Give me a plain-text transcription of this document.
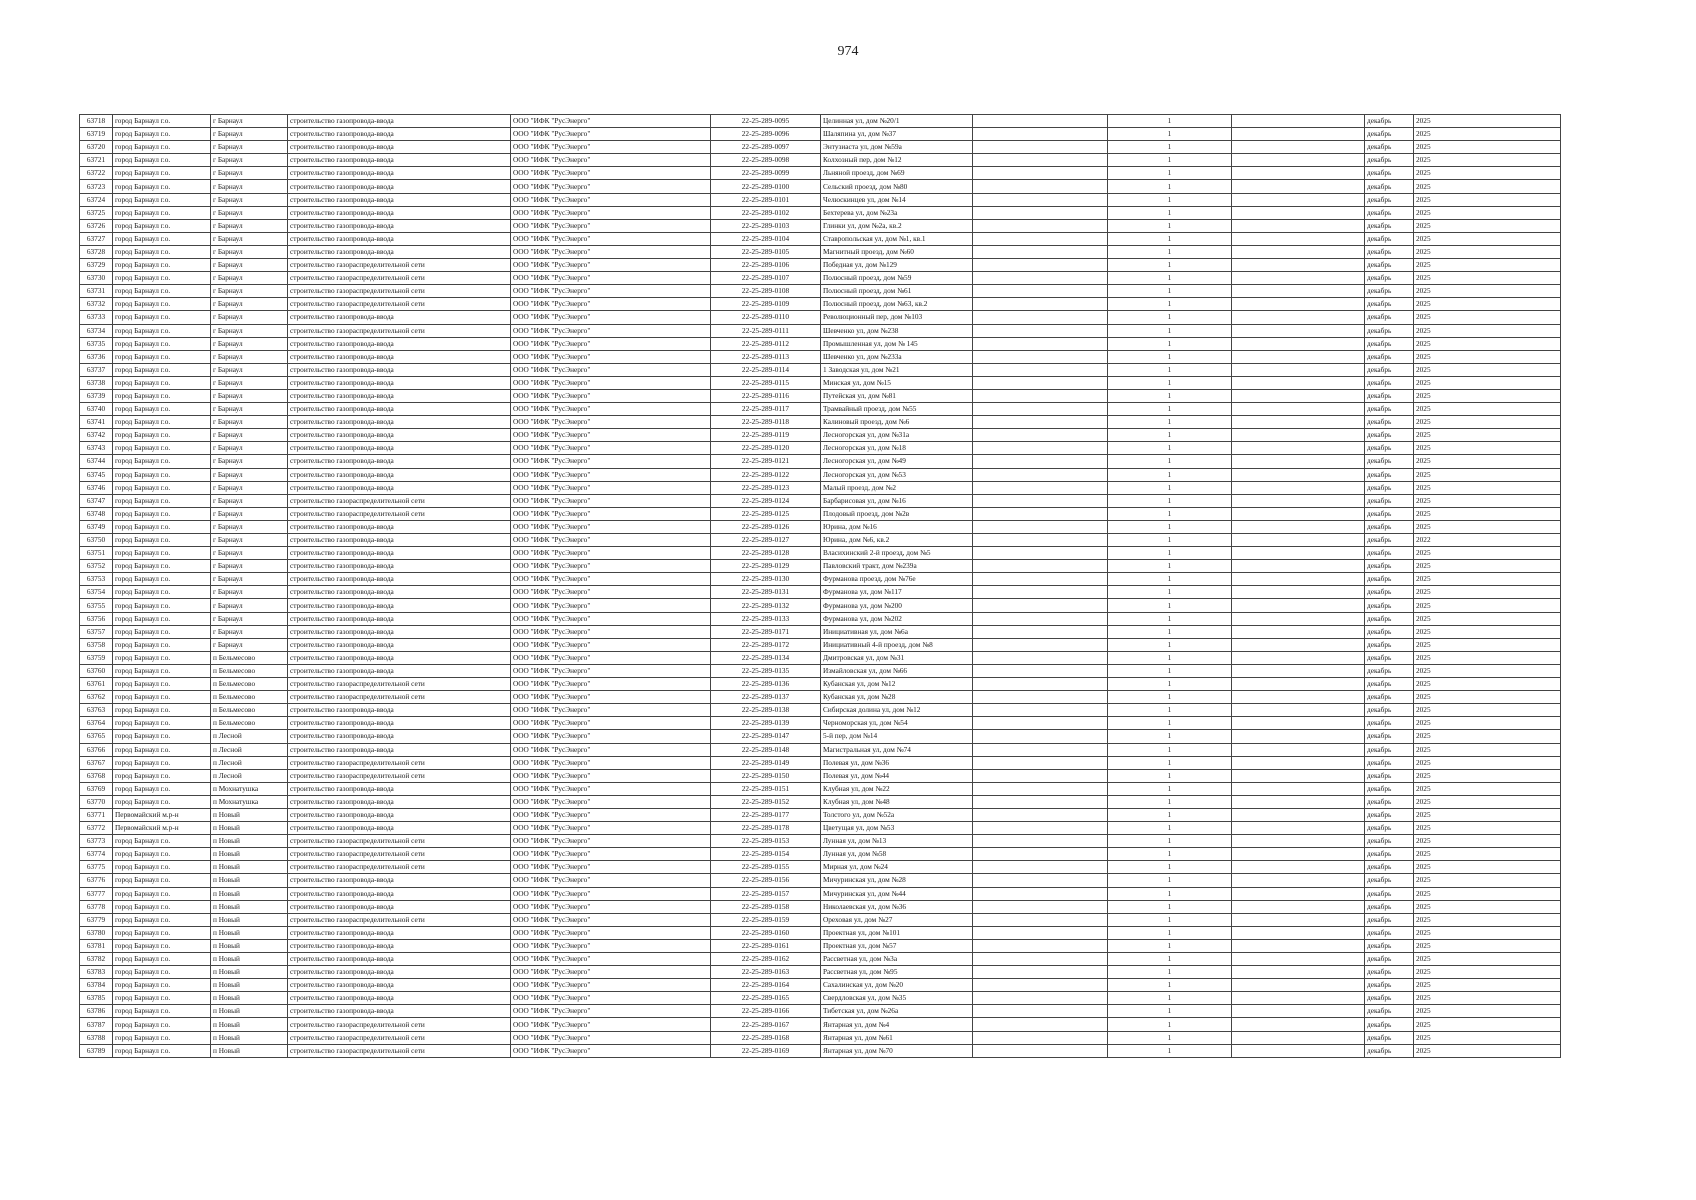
974
63718	город Барнаул г.о.	г Барнаул	строительство газопровода-ввода	ООО "ИФК "РусЭнерго"	22-25-289-0095	Целинная ул, дом №20/1		1		декабрь	2025
63719	город Барнаул г.о.	г Барнаул	строительство газопровода-ввода	ООО "ИФК "РусЭнерго"	22-25-289-0096	Шаляпина ул, дом №37		1		декабрь	2025
63720	город Барнаул г.о.	г Барнаул	строительство газопровода-ввода	ООО "ИФК "РусЭнерго"	22-25-289-0097	Энтузиаста ул, дом №59а		1		декабрь	2025
63721	город Барнаул г.о.	г Барнаул	строительство газопровода-ввода	ООО "ИФК "РусЭнерго"	22-25-289-0098	Колхозный пер, дом №12		1		декабрь	2025
63722	город Барнаул г.о.	г Барнаул	строительство газопровода-ввода	ООО "ИФК "РусЭнерго"	22-25-289-0099	Льняной проезд, дом №69		1		декабрь	2025
63723	город Барнаул г.о.	г Барнаул	строительство газопровода-ввода	ООО "ИФК "РусЭнерго"	22-25-289-0100	Сельский проезд, дом №80		1		декабрь	2025
63724	город Барнаул г.о.	г Барнаул	строительство газопровода-ввода	ООО "ИФК "РусЭнерго"	22-25-289-0101	Челюскинцев ул, дом №14		1		декабрь	2025
63725	город Барнаул г.о.	г Барнаул	строительство газопровода-ввода	ООО "ИФК "РусЭнерго"	22-25-289-0102	Бехтерева ул, дом №23а		1		декабрь	2025
63726	город Барнаул г.о.	г Барнаул	строительство газопровода-ввода	ООО "ИФК "РусЭнерго"	22-25-289-0103	Глинки ул, дом №2а, кв.2		1		декабрь	2025
63727	город Барнаул г.о.	г Барнаул	строительство газопровода-ввода	ООО "ИФК "РусЭнерго"	22-25-289-0104	Ставропольская ул, дом №1, кв.1		1		декабрь	2025
63728	город Барнаул г.о.	г Барнаул	строительство газопровода-ввода	ООО "ИФК "РусЭнерго"	22-25-289-0105	Магнитный проезд, дом №60		1		декабрь	2025
63729	город Барнаул г.о.	г Барнаул	строительство газораспределительной сети	ООО "ИФК "РусЭнерго"	22-25-289-0106	Победная ул, дом №129		1		декабрь	2025
63730	город Барнаул г.о.	г Барнаул	строительство газораспределительной сети	ООО "ИФК "РусЭнерго"	22-25-289-0107	Полюсный проезд, дом №59		1		декабрь	2025
63731	город Барнаул г.о.	г Барнаул	строительство газораспределительной сети	ООО "ИФК "РусЭнерго"	22-25-289-0108	Полюсный проезд, дом №61		1		декабрь	2025
63732	город Барнаул г.о.	г Барнаул	строительство газораспределительной сети	ООО "ИФК "РусЭнерго"	22-25-289-0109	Полюсный проезд, дом №63, кв.2		1		декабрь	2025
63733	город Барнаул г.о.	г Барнаул	строительство газопровода-ввода	ООО "ИФК "РусЭнерго"	22-25-289-0110	Революционный пер, дом №103		1		декабрь	2025
63734	город Барнаул г.о.	г Барнаул	строительство газораспределительной сети	ООО "ИФК "РусЭнерго"	22-25-289-0111	Шевченко ул, дом №238		1		декабрь	2025
63735	город Барнаул г.о.	г Барнаул	строительство газопровода-ввода	ООО "ИФК "РусЭнерго"	22-25-289-0112	Промышленная ул, дом № 145		1		декабрь	2025
63736	город Барнаул г.о.	г Барнаул	строительство газопровода-ввода	ООО "ИФК "РусЭнерго"	22-25-289-0113	Шевченко ул, дом №233а		1		декабрь	2025
63737	город Барнаул г.о.	г Барнаул	строительство газопровода-ввода	ООО "ИФК "РусЭнерго"	22-25-289-0114	1 Заводская ул, дом №21		1		декабрь	2025
63738	город Барнаул г.о.	г Барнаул	строительство газопровода-ввода	ООО "ИФК "РусЭнерго"	22-25-289-0115	Минская ул, дом №15		1		декабрь	2025
63739	город Барнаул г.о.	г Барнаул	строительство газопровода-ввода	ООО "ИФК "РусЭнерго"	22-25-289-0116	Путейская ул, дом №81		1		декабрь	2025
63740	город Барнаул г.о.	г Барнаул	строительство газопровода-ввода	ООО "ИФК "РусЭнерго"	22-25-289-0117	Трамвайный проезд, дом №55		1		декабрь	2025
63741	город Барнаул г.о.	г Барнаул	строительство газопровода-ввода	ООО "ИФК "РусЭнерго"	22-25-289-0118	Калиновый проезд, дом №6		1		декабрь	2025
63742	город Барнаул г.о.	г Барнаул	строительство газопровода-ввода	ООО "ИФК "РусЭнерго"	22-25-289-0119	Лесногорская ул, дом №31а		1		декабрь	2025
63743	город Барнаул г.о.	г Барнаул	строительство газопровода-ввода	ООО "ИФК "РусЭнерго"	22-25-289-0120	Лесногорская ул, дом №18		1		декабрь	2025
63744	город Барнаул г.о.	г Барнаул	строительство газопровода-ввода	ООО "ИФК "РусЭнерго"	22-25-289-0121	Лесногорская ул, дом №49		1		декабрь	2025
63745	город Барнаул г.о.	г Барнаул	строительство газопровода-ввода	ООО "ИФК "РусЭнерго"	22-25-289-0122	Лесногорская ул, дом №53		1		декабрь	2025
63746	город Барнаул г.о.	г Барнаул	строительство газопровода-ввода	ООО "ИФК "РусЭнерго"	22-25-289-0123	Малый проезд, дом №2		1		декабрь	2025
63747	город Барнаул г.о.	г Барнаул	строительство газораспределительной сети	ООО "ИФК "РусЭнерго"	22-25-289-0124	Барбарисовая ул, дом №16		1		декабрь	2025
63748	город Барнаул г.о.	г Барнаул	строительство газораспределительной сети	ООО "ИФК "РусЭнерго"	22-25-289-0125	Плодовый проезд, дом №2в		1		декабрь	2025
63749	город Барнаул г.о.	г Барнаул	строительство газопровода-ввода	ООО "ИФК "РусЭнерго"	22-25-289-0126	Юрина, дом №16		1		декабрь	2025
63750	город Барнаул г.о.	г Барнаул	строительство газопровода-ввода	ООО "ИФК "РусЭнерго"	22-25-289-0127	Юрина, дом №6, кв.2		1		декабрь	2022
63751	город Барнаул г.о.	г Барнаул	строительство газопровода-ввода	ООО "ИФК "РусЭнерго"	22-25-289-0128	Власихинский 2-й проезд, дом №5		1		декабрь	2025
63752	город Барнаул г.о.	г Барнаул	строительство газопровода-ввода	ООО "ИФК "РусЭнерго"	22-25-289-0129	Павловский тракт, дом №239а		1		декабрь	2025
63753	город Барнаул г.о.	г Барнаул	строительство газопровода-ввода	ООО "ИФК "РусЭнерго"	22-25-289-0130	Фурманова проезд, дом №76е		1		декабрь	2025
63754	город Барнаул г.о.	г Барнаул	строительство газопровода-ввода	ООО "ИФК "РусЭнерго"	22-25-289-0131	Фурманова ул, дом №117		1		декабрь	2025
63755	город Барнаул г.о.	г Барнаул	строительство газопровода-ввода	ООО "ИФК "РусЭнерго"	22-25-289-0132	Фурманова ул, дом №200		1		декабрь	2025
63756	город Барнаул г.о.	г Барнаул	строительство газопровода-ввода	ООО "ИФК "РусЭнерго"	22-25-289-0133	Фурманова ул, дом №202		1		декабрь	2025
63757	город Барнаул г.о.	г Барнаул	строительство газопровода-ввода	ООО "ИФК "РусЭнерго"	22-25-289-0171	Инициативная ул, дом №6а		1		декабрь	2025
63758	город Барнаул г.о.	г Барнаул	строительство газопровода-ввода	ООО "ИФК "РусЭнерго"	22-25-289-0172	Инициативный 4-й проезд, дом №8		1		декабрь	2025
63759	город Барнаул г.о.	п Бельмесово	строительство газопровода-ввода	ООО "ИФК "РусЭнерго"	22-25-289-0134	Дмитровская ул, дом №31		1		декабрь	2025
63760	город Барнаул г.о.	п Бельмесово	строительство газопровода-ввода	ООО "ИФК "РусЭнерго"	22-25-289-0135	Измайловская ул, дом №66		1		декабрь	2025
63761	город Барнаул г.о.	п Бельмесово	строительство газораспределительной сети	ООО "ИФК "РусЭнерго"	22-25-289-0136	Кубанская ул, дом №12		1		декабрь	2025
63762	город Барнаул г.о.	п Бельмесово	строительство газораспределительной сети	ООО "ИФК "РусЭнерго"	22-25-289-0137	Кубанская ул, дом №28		1		декабрь	2025
63763	город Барнаул г.о.	п Бельмесово	строительство газопровода-ввода	ООО "ИФК "РусЭнерго"	22-25-289-0138	Сибирская долина ул, дом №12		1		декабрь	2025
63764	город Барнаул г.о.	п Бельмесово	строительство газопровода-ввода	ООО "ИФК "РусЭнерго"	22-25-289-0139	Черноморская ул, дом №54		1		декабрь	2025
63765	город Барнаул г.о.	п Лесной	строительство газопровода-ввода	ООО "ИФК "РусЭнерго"	22-25-289-0147	5-й пер, дом №14		1		декабрь	2025
63766	город Барнаул г.о.	п Лесной	строительство газопровода-ввода	ООО "ИФК "РусЭнерго"	22-25-289-0148	Магистральная ул, дом №74		1		декабрь	2025
63767	город Барнаул г.о.	п Лесной	строительство газораспределительной сети	ООО "ИФК "РусЭнерго"	22-25-289-0149	Полевая ул, дом №36		1		декабрь	2025
63768	город Барнаул г.о.	п Лесной	строительство газораспределительной сети	ООО "ИФК "РусЭнерго"	22-25-289-0150	Полевая ул, дом №44		1		декабрь	2025
63769	город Барнаул г.о.	п Мохнатушка	строительство газопровода-ввода	ООО "ИФК "РусЭнерго"	22-25-289-0151	Клубная ул, дом №22		1		декабрь	2025
63770	город Барнаул г.о.	п Мохнатушка	строительство газопровода-ввода	ООО "ИФК "РусЭнерго"	22-25-289-0152	Клубная ул, дом №48		1		декабрь	2025
63771	Первомайский м.р-н	п Новый	строительство газопровода-ввода	ООО "ИФК "РусЭнерго"	22-25-289-0177	Толстого ул, дом №52а		1		декабрь	2025
63772	Первомайский м.р-н	п Новый	строительство газопровода-ввода	ООО "ИФК "РусЭнерго"	22-25-289-0178	Цветущая ул, дом №53		1		декабрь	2025
63773	город Барнаул г.о.	п Новый	строительство газораспределительной сети	ООО "ИФК "РусЭнерго"	22-25-289-0153	Лунная ул, дом №13		1		декабрь	2025
63774	город Барнаул г.о.	п Новый	строительство газораспределительной сети	ООО "ИФК "РусЭнерго"	22-25-289-0154	Лунная ул, дом №58		1		декабрь	2025
63775	город Барнаул г.о.	п Новый	строительство газораспределительной сети	ООО "ИФК "РусЭнерго"	22-25-289-0155	Мирная ул, дом №24		1		декабрь	2025
63776	город Барнаул г.о.	п Новый	строительство газопровода-ввода	ООО "ИФК "РусЭнерго"	22-25-289-0156	Мичуринская ул, дом №28		1		декабрь	2025
63777	город Барнаул г.о.	п Новый	строительство газопровода-ввода	ООО "ИФК "РусЭнерго"	22-25-289-0157	Мичуринская ул, дом №44		1		декабрь	2025
63778	город Барнаул г.о.	п Новый	строительство газопровода-ввода	ООО "ИФК "РусЭнерго"	22-25-289-0158	Николаевская ул, дом №36		1		декабрь	2025
63779	город Барнаул г.о.	п Новый	строительство газораспределительной сети	ООО "ИФК "РусЭнерго"	22-25-289-0159	Ореховая ул, дом №27		1		декабрь	2025
63780	город Барнаул г.о.	п Новый	строительство газопровода-ввода	ООО "ИФК "РусЭнерго"	22-25-289-0160	Проектная ул, дом №101		1		декабрь	2025
63781	город Барнаул г.о.	п Новый	строительство газопровода-ввода	ООО "ИФК "РусЭнерго"	22-25-289-0161	Проектная ул, дом №57		1		декабрь	2025
63782	город Барнаул г.о.	п Новый	строительство газопровода-ввода	ООО "ИФК "РусЭнерго"	22-25-289-0162	Рассветная ул, дом №3а		1		декабрь	2025
63783	город Барнаул г.о.	п Новый	строительство газопровода-ввода	ООО "ИФК "РусЭнерго"	22-25-289-0163	Рассветная ул, дом №95		1		декабрь	2025
63784	город Барнаул г.о.	п Новый	строительство газопровода-ввода	ООО "ИФК "РусЭнерго"	22-25-289-0164	Сахалинская ул, дом №20		1		декабрь	2025
63785	город Барнаул г.о.	п Новый	строительство газопровода-ввода	ООО "ИФК "РусЭнерго"	22-25-289-0165	Свердловская ул, дом №35		1		декабрь	2025
63786	город Барнаул г.о.	п Новый	строительство газопровода-ввода	ООО "ИФК "РусЭнерго"	22-25-289-0166	Тибетская ул, дом №26а		1		декабрь	2025
63787	город Барнаул г.о.	п Новый	строительство газораспределительной сети	ООО "ИФК "РусЭнерго"	22-25-289-0167	Янтарная ул, дом №4		1		декабрь	2025
63788	город Барнаул г.о.	п Новый	строительство газораспределительной сети	ООО "ИФК "РусЭнерго"	22-25-289-0168	Янтарная ул, дом №61		1		декабрь	2025
63789	город Барнаул г.о.	п Новый	строительство газораспределительной сети	ООО "ИФК "РусЭнерго"	22-25-289-0169	Янтарная ул, дом №70		1		декабрь	2025
